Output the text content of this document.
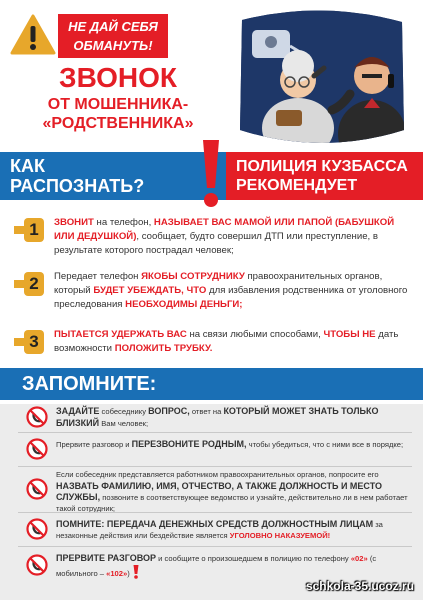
НЕ ДАЙ СЕБЯ
ОБМАНУТЬ!
ЗВОНОК
ОТ МОШЕННИКА-
«РОДСТВЕННИКА»
КАК
РАСПОЗНАТЬ?
ПОЛИЦИЯ КУЗБАССА
РЕКОМЕНДУЕТ
1	ЗВОНИТ на телефон, НАЗЫВАЕТ ВАС МАМОЙ ИЛИ ПАПОЙ (БАБУШКОЙ ИЛИ ДЕДУШКОЙ), сообщает, будто совершил ДТП или преступление, в результате которого пострадал человек;
2	Передает телефон ЯКОБЫ СОТРУДНИКУ правоохранительных органов, который БУДЕТ УБЕЖДАТЬ, ЧТО для избавления родственника от уголовного преследования НЕОБХОДИМЫ ДЕНЬГИ;
3	ПЫТАЕТСЯ УДЕРЖАТЬ ВАС на связи любыми способами, ЧТОБЫ НЕ дать возможности ПОЛОЖИТЬ ТРУБКУ.
ЗАПОМНИТЕ:
ЗАДАЙТЕ собеседнику ВОПРОС, ответ на КОТОРЫЙ МОЖЕТ ЗНАТЬ ТОЛЬКО БЛИЗКИЙ Вам человек;
Прервите разговор и ПЕРЕЗВОНИТЕ РОДНЫМ, чтобы убедиться, что с ними все в порядке;
Если собеседник представляется работником правоохранительных органов, попросите его НАЗВАТЬ ФАМИЛИЮ, ИМЯ, ОТЧЕСТВО, А ТАКЖЕ ДОЛЖНОСТЬ И МЕСТО СЛУЖБЫ, позвоните в соответствующее ведомство и узнайте, действительно ли в нем работает такой сотрудник;
ПОМНИТЕ: ПЕРЕДАЧА ДЕНЕЖНЫХ СРЕДСТВ ДОЛЖНОСТНЫМ ЛИЦАМ за незаконные действия или бездействие является УГОЛОВНО НАКАЗУЕМОЙ!
ПРЕРВИТЕ РАЗГОВОР и сообщите о произошедшем в полицию по телефону «02» (с мобильного – «102»)
schkola-35.ucoz.ru
